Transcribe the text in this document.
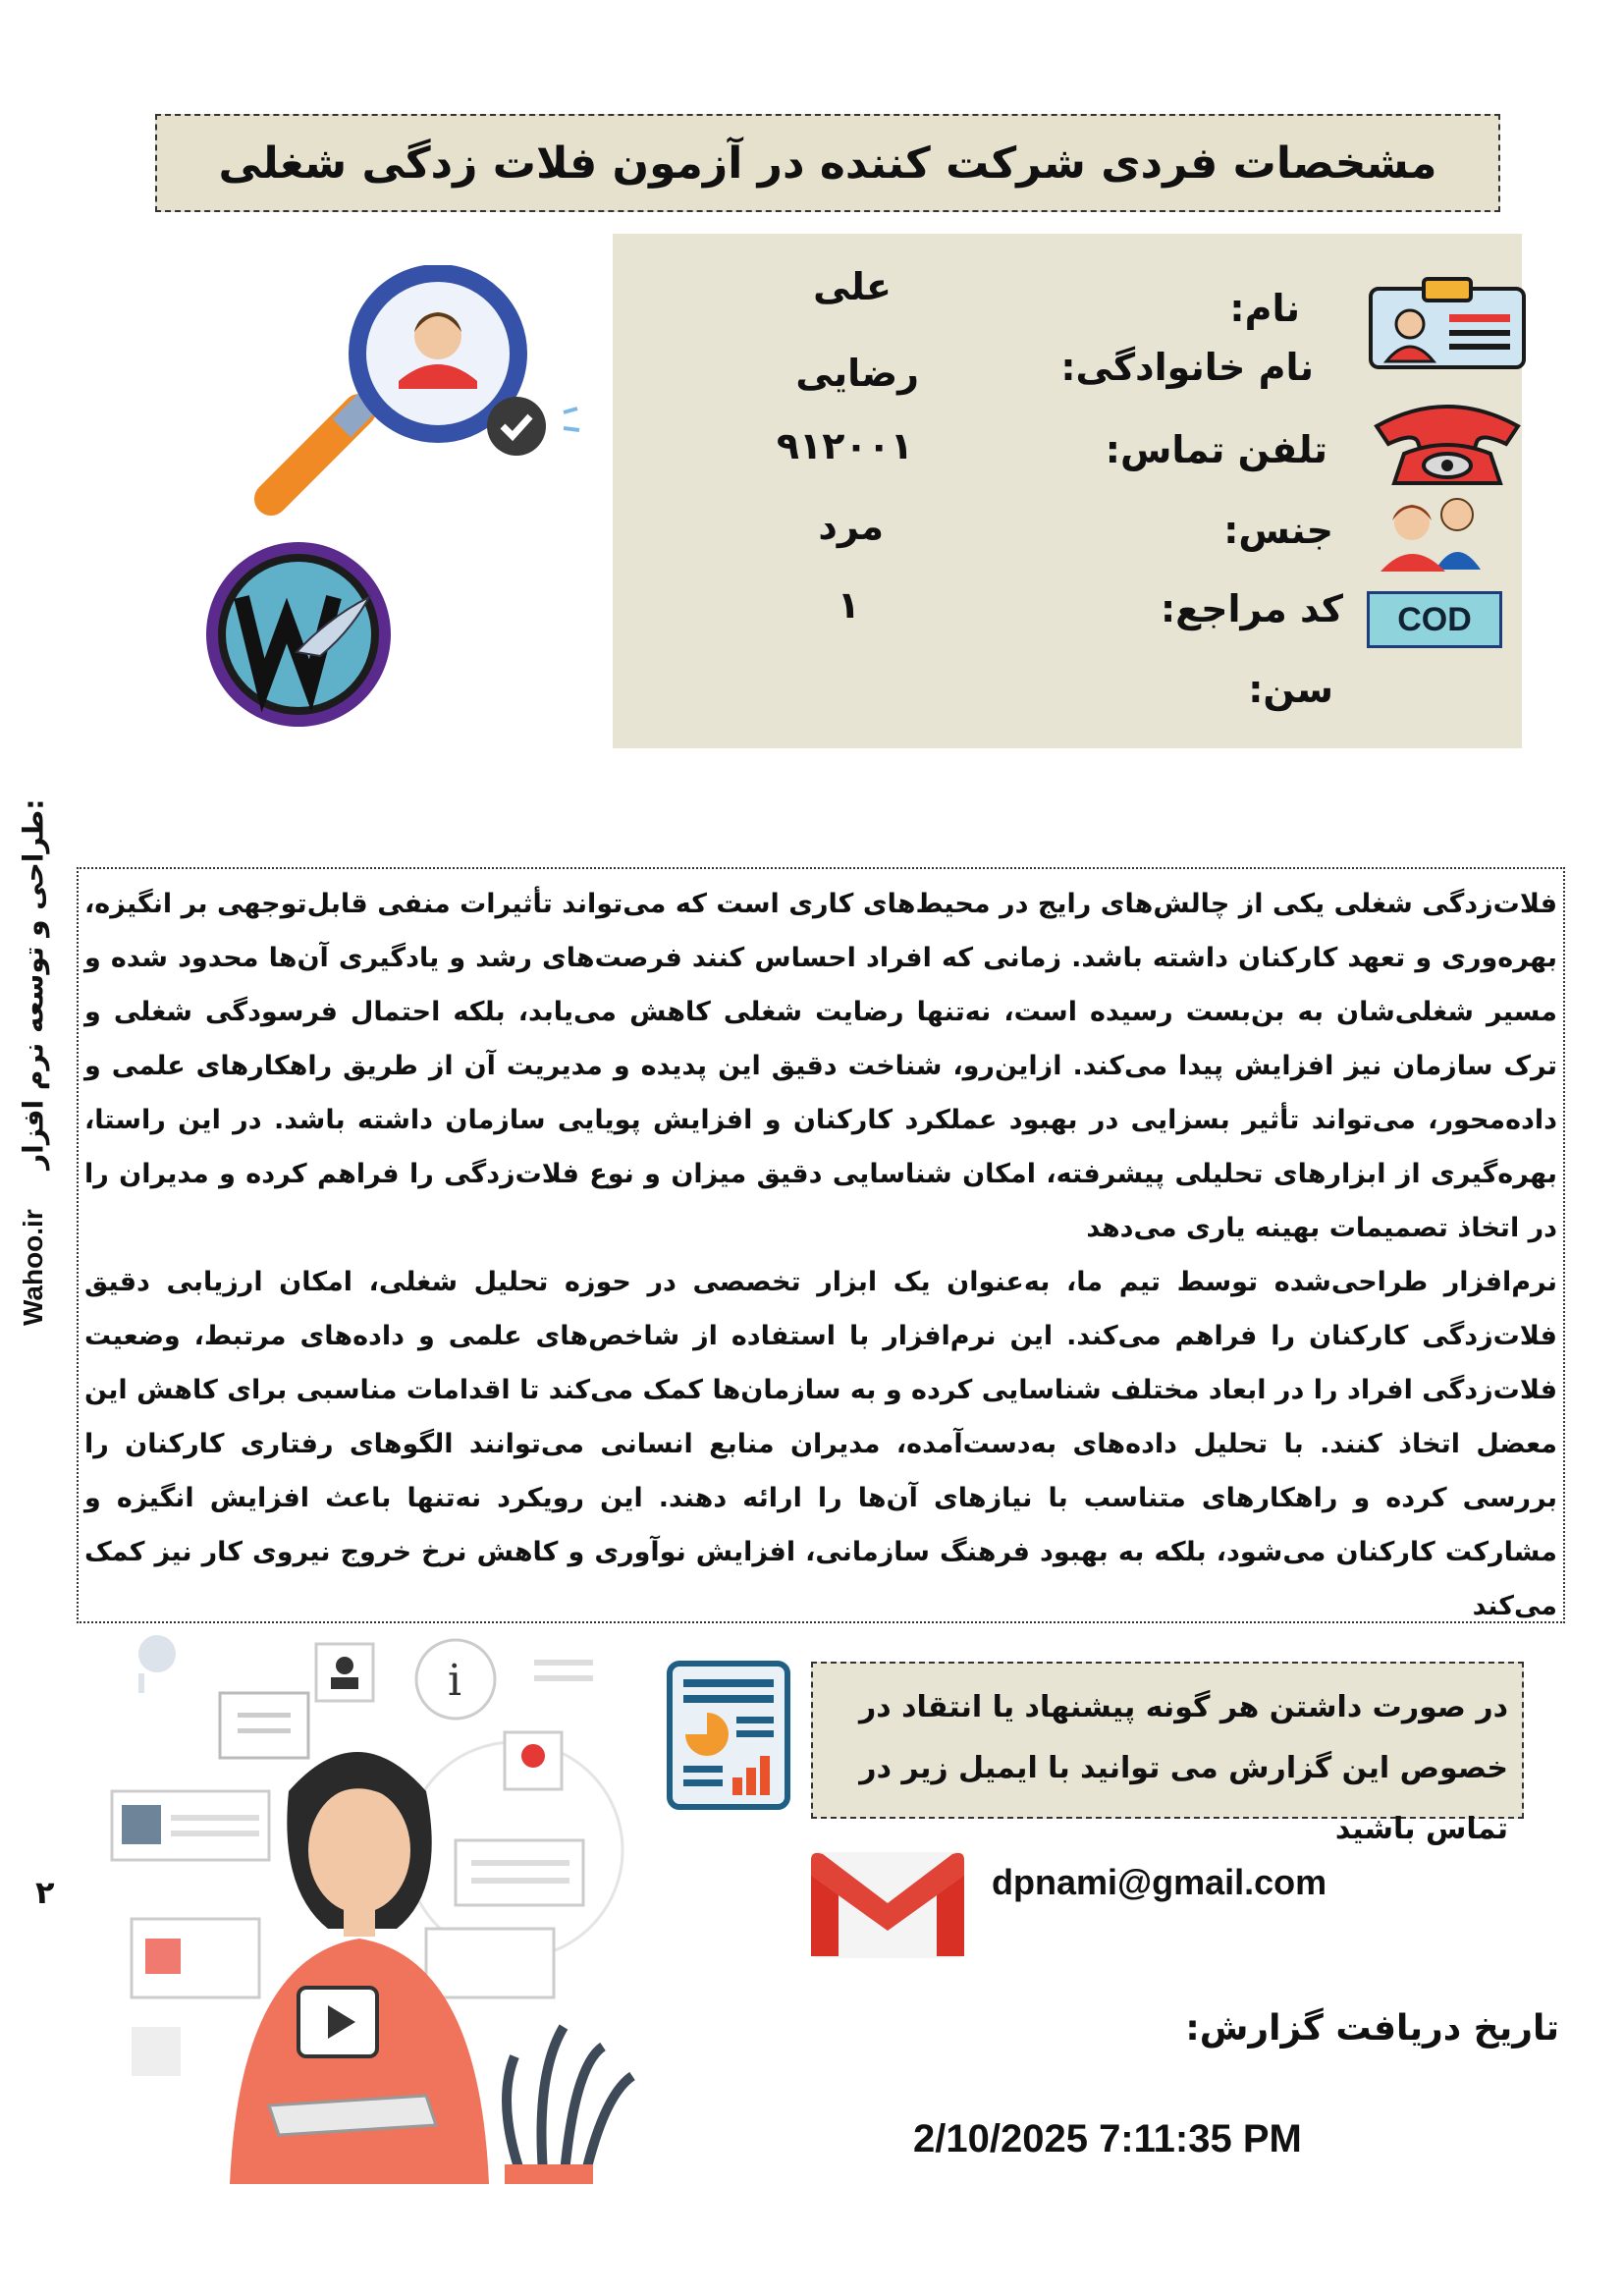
مشخصات فردی شرکت کننده در آزمون فلات زدگی شغلی
نام:
علی
نام خانوادگی:
رضایی
تلفن تماس:
۹۱۲۰۰۱
جنس:
مرد
کد مراجع:
۱
سن:
COD
Wahoo.ir
طراحی و توسعه نرم افزار:

فلات‌زدگی شغلی یکی از چالش‌های رایج در محیط‌های کاری است که می‌تواند تأثیرات منفی قابل‌توجهی بر انگیزه، بهره‌وری و تعهد کارکنان داشته باشد. زمانی که افراد احساس کنند فرصت‌های رشد و یادگیری آن‌ها محدود شده و مسیر شغلی‌شان به بن‌بست رسیده است، نه‌تنها رضایت شغلی کاهش می‌یابد، بلکه احتمال فرسودگی شغلی و ترک سازمان نیز افزایش پیدا می‌کند. ازاین‌رو، شناخت دقیق این پدیده و مدیریت آن از طریق راهکارهای علمی و داده‌محور، می‌تواند تأثیر بسزایی در بهبود عملکرد کارکنان و افزایش پویایی سازمان داشته باشد. در این راستا، بهره‌گیری از ابزارهای تحلیلی پیشرفته، امکان شناسایی دقیق میزان و نوع فلات‌زدگی را فراهم کرده و مدیران را در اتخاذ تصمیمات بهینه یاری می‌دهد

نرم‌افزار طراحی‌شده توسط تیم ما، به‌عنوان یک ابزار تخصصی در حوزه تحلیل شغلی، امکان ارزیابی دقیق فلات‌زدگی کارکنان را فراهم می‌کند. این نرم‌افزار با استفاده از شاخص‌های علمی و داده‌های مرتبط، وضعیت فلات‌زدگی افراد را در ابعاد مختلف شناسایی کرده و به سازمان‌ها کمک می‌کند تا اقدامات مناسبی برای کاهش این معضل اتخاذ کنند. با تحلیل داده‌های به‌دست‌آمده، مدیران منابع انسانی می‌توانند الگوهای رفتاری کارکنان را بررسی کرده و راهکارهای متناسب با نیازهای آن‌ها را ارائه دهند. این رویکرد نه‌تنها باعث افزایش انگیزه و مشارکت کارکنان می‌شود، بلکه به بهبود فرهنگ سازمانی، افزایش نوآوری و کاهش نرخ خروج نیروی کار نیز کمک می‌کند

i
در صورت داشتن هر گونه پیشنهاد یا انتقاد در خصوص این گزارش می توانید با ایمیل زیر در تماس باشید
dpnami@gmail.com
تاریخ دریافت گزارش:
2/10/2025 7:11:35 PM
۲
